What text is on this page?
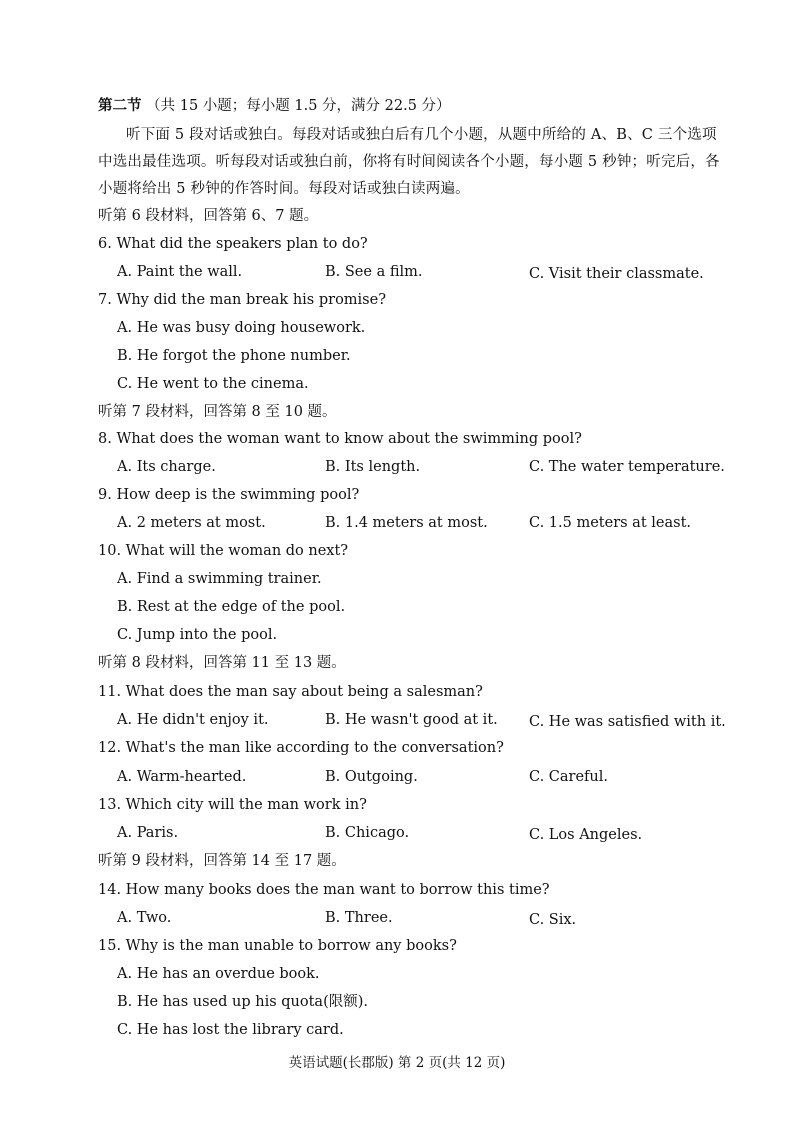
第二节 （共 15 小题；每小题 1.5 分，满分 22.5 分）
听下面 5 段对话或独白。每段对话或独白后有几个小题，从题中所给的 A、B、C 三个选项中选出最佳选项。听每段对话或独白前，你将有时间阅读各个小题，每小题 5 秒钟；听完后，各小题将给出 5 秒钟的作答时间。每段对话或独白读两遍。
听第 6 段材料，回答第 6、7 题。
6. What did the speakers plan to do?
A. Paint the wall.	B. See a film.	C. Visit their classmate.
7. Why did the man break his promise?
A. He was busy doing housework.
B. He forgot the phone number.
C. He went to the cinema.
听第 7 段材料，回答第 8 至 10 题。
8. What does the woman want to know about the swimming pool?
A. Its charge.	B. Its length.	C. The water temperature.
9. How deep is the swimming pool?
A. 2 meters at most.	B. 1.4 meters at most.	C. 1.5 meters at least.
10. What will the woman do next?
A. Find a swimming trainer.
B. Rest at the edge of the pool.
C. Jump into the pool.
听第 8 段材料，回答第 11 至 13 题。
11. What does the man say about being a salesman?
A. He didn't enjoy it.	B. He wasn't good at it. C. He was satisfied with it.
12. What's the man like according to the conversation?
A. Warm-hearted.	B. Outgoing.	C. Careful.
13. Which city will the man work in?
A. Paris.	B. Chicago.	C. Los Angeles.
听第 9 段材料，回答第 14 至 17 题。
14. How many books does the man want to borrow this time?
A. Two.	B. Three.	C. Six.
15. Why is the man unable to borrow any books?
A. He has an overdue book.
B. He has used up his quota(限额).
C. He has lost the library card.
英语试题(长郡版) 第 2 页(共 12 页)
